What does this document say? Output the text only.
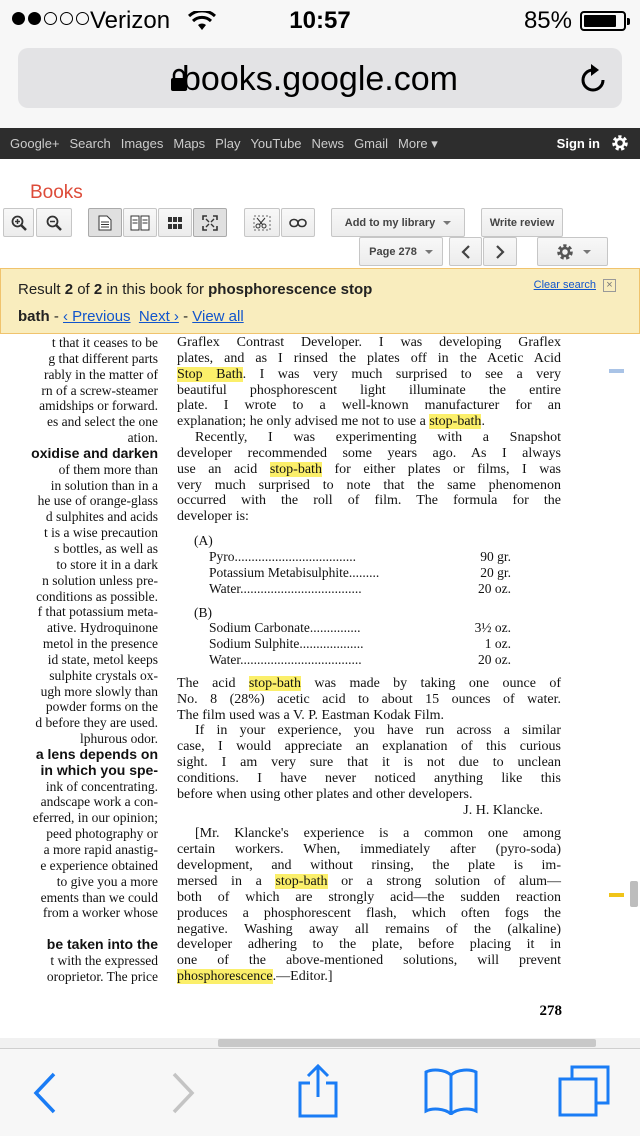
Verizon	10:57	85%
books.google.com
Google+ Search Images Maps Play YouTube News Gmail More ▾	Sign in
Books
Add to my library	Write review
Page 278
Result 2 of 2 in this book for phosphorescence stop
bath - ‹ Previous Next › - View all
Clear search ×
t that it ceases to be
g that different parts
rably in the matter of
rn of a screw-steamer
amidships or forward.
es and select the one
ation.
oxidise and darken
of them more than
in solution than in a
he use of orange-glass
d sulphites and acids
t is a wise precaution
s bottles, as well as
to store it in a dark
n solution unless pre-
conditions as possible.
f that potassium meta-
ative. Hydroquinone
metol in the presence
id state, metol keeps
sulphite crystals ox-
ugh more slowly than
powder forms on the
d before they are used.
lphurous odor.
a lens depends on
in which you spe-
ink of concentrating.
andscape work a con-
eferred, in our opinion;
peed photography or
a more rapid anastig-
e experience obtained
to give you a more
ements than we could
from a worker whose

be taken into the
t with the expressed
oroprietor. The price
Graflex Contrast Developer. I was developing Graflex
plates, and as I rinsed the plates off in the Acetic Acid
Stop Bath. I was very much surprised to see a very
beautiful phosphorescent light illuminate the entire
plate. I wrote to a well-known manufacturer for an
explanation; he only advised me not to use a stop-bath.
Recently, I was experimenting with a Snapshot
developer recommended some years ago. As I always
use an acid stop-bath for either plates or films, I was
very much surprised to note that the same phenomenon
occurred with the roll of film. The formula for the
developer is:
(A)
Pyro....................................	90 gr.
Potassium Metabisulphite.........	20 gr.
Water....................................	20 oz.
(B)
Sodium Carbonate...............	3½ oz.
Sodium Sulphite...................	1 oz.
Water....................................	20 oz.
The acid stop-bath was made by taking one ounce of
No. 8 (28%) acetic acid to about 15 ounces of water.
The film used was a V. P. Eastman Kodak Film.
If in your experience, you have run across a similar
case, I would appreciate an explanation of this curious
sight. I am very sure that it is not due to unclean
conditions. I have never noticed anything like this
before when using other plates and other developers.
J. H. Klancke.
[Mr. Klancke's experience is a common one among
certain workers. When, immediately after (pyro-soda)
development, and without rinsing, the plate is im-
mersed in a stop-bath or a strong solution of alum—
both of which are strongly acid—the sudden reaction
produces a phosphorescent flash, which often fogs the
negative. Washing away all remains of the (alkaline)
developer adhering to the plate, before placing it in
one of the above-mentioned solutions, will prevent
phosphorescence.—Editor.]
278
